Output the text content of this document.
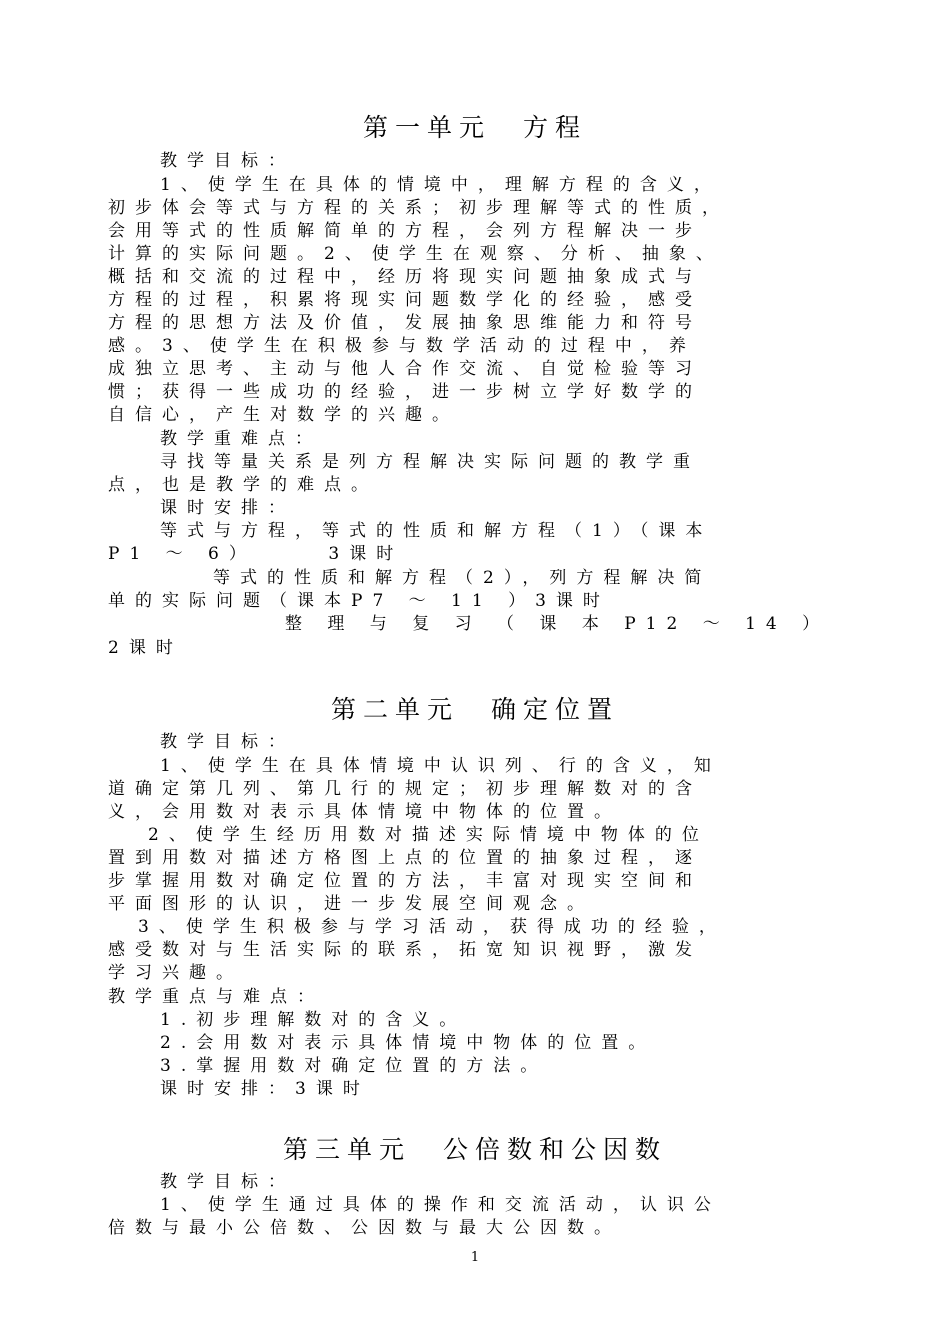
第一单元　方程
教学目标：
1、使学生在具体的情境中，理解方程的含义，
初步体会等式与方程的关系；初步理解等式的性质，
会用等式的性质解简单的方程，会列方程解决一步
计算的实际问题。2、使学生在观察、分析、抽象、
概括和交流的过程中，经历将现实问题抽象成式与
方程的过程，积累将现实问题数学化的经验，感受
方程的思想方法及价值，发展抽象思维能力和符号
感。3、使学生在积极参与数学活动的过程中，养
成独立思考、主动与他人合作交流、自觉检验等习
惯；获得一些成功的经验，进一步树立学好数学的
自信心，产生对数学的兴趣。
教学重难点：
寻找等量关系是列方程解决实际问题的教学重
点，也是教学的难点。
课时安排：
等式与方程，等式的性质和解方程（1）（课本
P1 ～ 6）　　　3课时
等式的性质和解方程（2），列方程解决简
单的实际问题（课本P7 ～ 11 ）3课时
整 理 与 复 习 （ 课 本 P12 ～ 14 ）
2课时
第二单元　确定位置
教学目标：
1、使学生在具体情境中认识列、行的含义，知
道确定第几列、第几行的规定；初步理解数对的含
义，会用数对表示具体情境中物体的位置。
2、使学生经历用数对描述实际情境中物体的位
置到用数对描述方格图上点的位置的抽象过程，逐
步掌握用数对确定位置的方法，丰富对现实空间和
平面图形的认识，进一步发展空间观念。
3、使学生积极参与学习活动，获得成功的经验，
感受数对与生活实际的联系，拓宽知识视野，激发
学习兴趣。
教学重点与难点：
1.初步理解数对的含义。
2.会用数对表示具体情境中物体的位置。
3.掌握用数对确定位置的方法。
课时安排：3课时
第三单元　公倍数和公因数
教学目标：
1、使学生通过具体的操作和交流活动，认识公
倍数与最小公倍数、公因数与最大公因数。
1
